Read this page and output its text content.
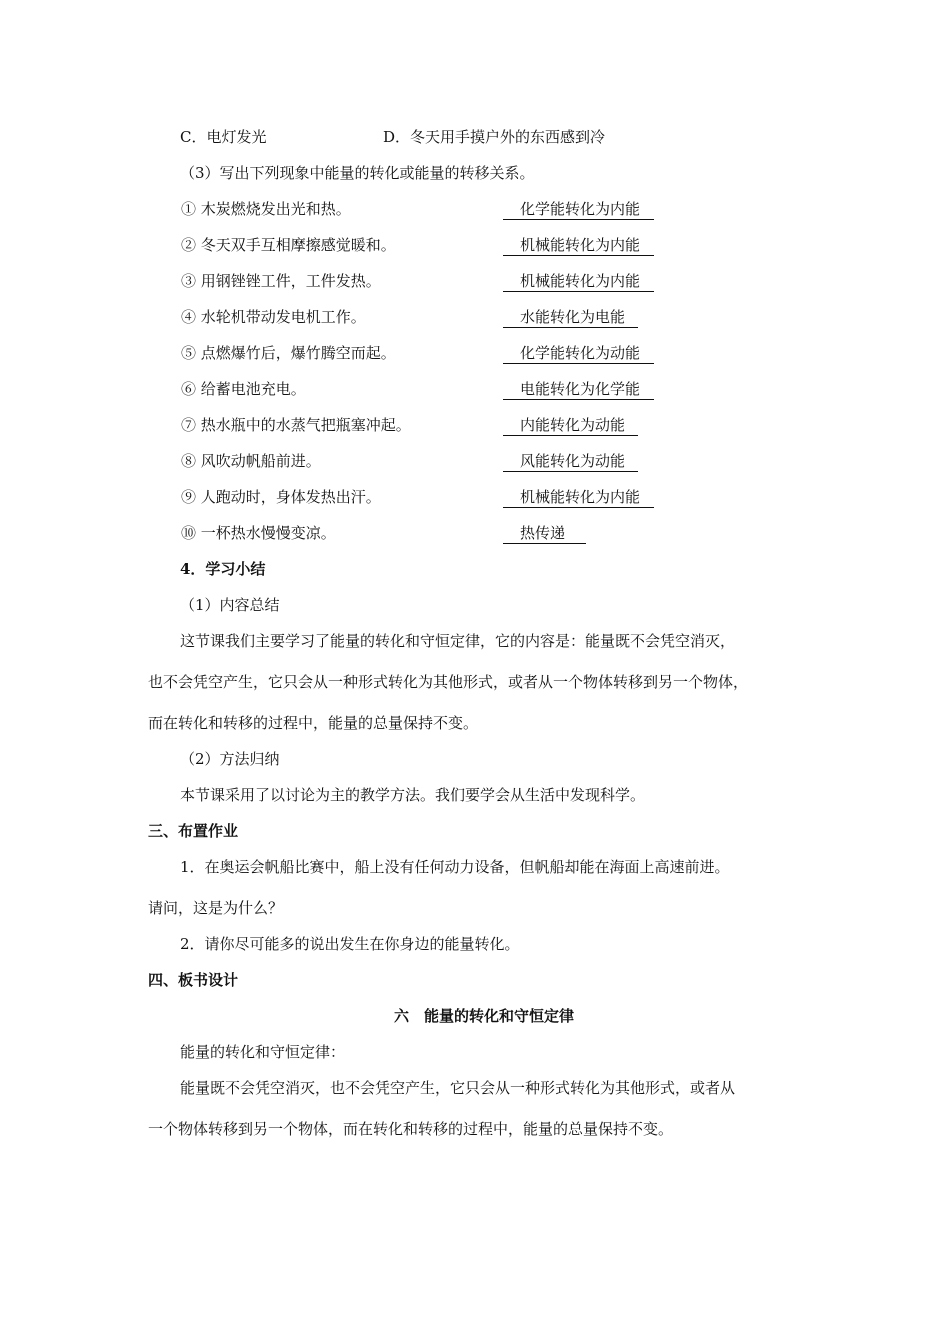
C．电灯发光	D．冬天用手摸户外的东西感到冷
（3）写出下列现象中能量的转化或能量的转移关系。
① 木炭燃烧发出光和热。	化学能转化为内能
② 冬天双手互相摩擦感觉暖和。	机械能转化为内能
③ 用钢锉锉工件，工件发热。	机械能转化为内能
④ 水轮机带动发电机工作。	水能转化为电能
⑤ 点燃爆竹后，爆竹腾空而起。	化学能转化为动能
⑥ 给蓄电池充电。	电能转化为化学能
⑦ 热水瓶中的水蒸气把瓶塞冲起。	内能转化为动能
⑧ 风吹动帆船前进。	风能转化为动能
⑨ 人跑动时，身体发热出汗。	机械能转化为内能
⑩ 一杯热水慢慢变凉。	热传递
4．学习小结
（1）内容总结
这节课我们主要学习了能量的转化和守恒定律，它的内容是：能量既不会凭空消灭，
也不会凭空产生，它只会从一种形式转化为其他形式，或者从一个物体转移到另一个物体，
而在转化和转移的过程中，能量的总量保持不变。
（2）方法归纳
本节课采用了以讨论为主的教学方法。我们要学会从生活中发现科学。
三、布置作业
1．在奥运会帆船比赛中，船上没有任何动力设备，但帆船却能在海面上高速前进。
请问，这是为什么？
2．请你尽可能多的说出发生在你身边的能量转化。
四、板书设计
六　能量的转化和守恒定律
能量的转化和守恒定律：
能量既不会凭空消灭，也不会凭空产生，它只会从一种形式转化为其他形式，或者从
一个物体转移到另一个物体，而在转化和转移的过程中，能量的总量保持不变。
